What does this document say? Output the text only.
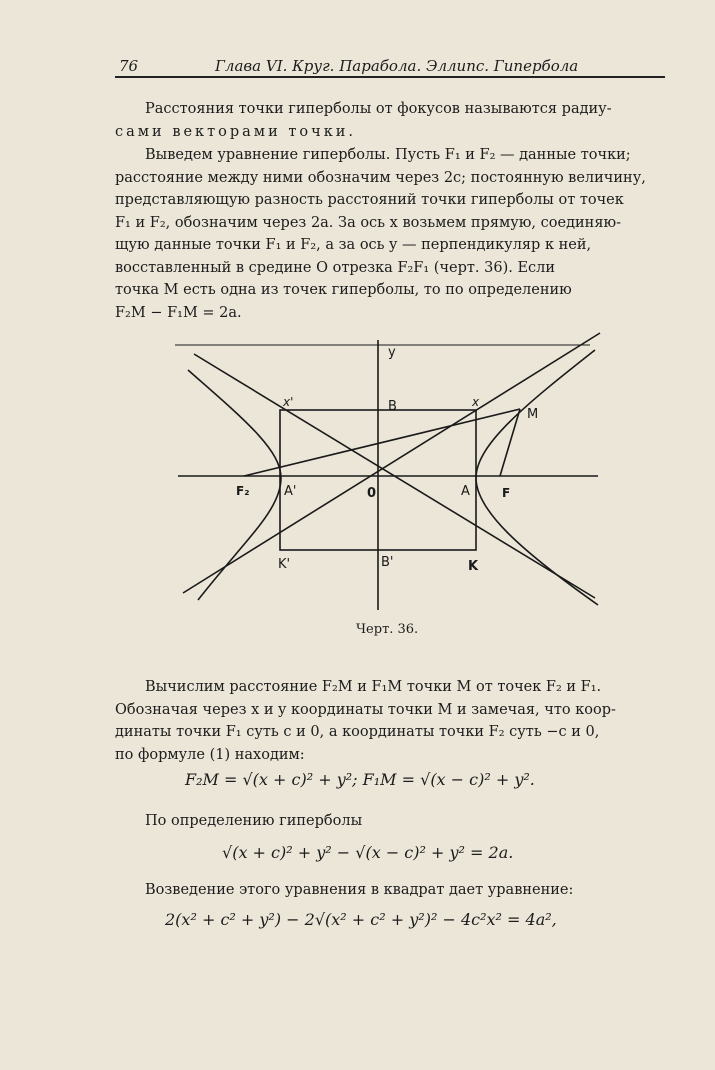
76	Глава VI. Круг. Парабола. Эллипс. Гипербола
Расстояния точки гиперболы от фокусов называются радиу-
сами векторами точки.
Выведем уравнение гиперболы. Пусть F₁ и F₂ — данные точки;
расстояние между ними обозначим через 2c; постоянную величину,
представляющую разность расстояний точки гиперболы от точек
F₁ и F₂, обозначим через 2a. За ось x возьмем прямую, соединяю-
щую данные точки F₁ и F₂, а за ось y — перпендикуляр к ней,
восставленный в средине O отрезка F₂F₁ (черт. 36). Если
точка M есть одна из точек гиперболы, то по определению
F₂M − F₁M = 2a.
y
x'	B	x
M
F₂	A'	0	A	F
K'	B'	K
Черт. 36.
Вычислим расстояние F₂M и F₁M точки M от точек F₂ и F₁.
Обозначая через x и y координаты точки M и замечая, что коор-
динаты точки F₁ суть c и 0, а координаты точки F₂ суть −c и 0,
по формуле (1) находим:
F₂M = √(x + c)² + y²; F₁M = √(x − c)² + y².
По определению гиперболы
√(x + c)² + y² − √(x − c)² + y² = 2a.
Возведение этого уравнения в квадрат дает уравнение:
2(x² + c² + y²) − 2√(x² + c² + y²)² − 4c²x² = 4a²,
